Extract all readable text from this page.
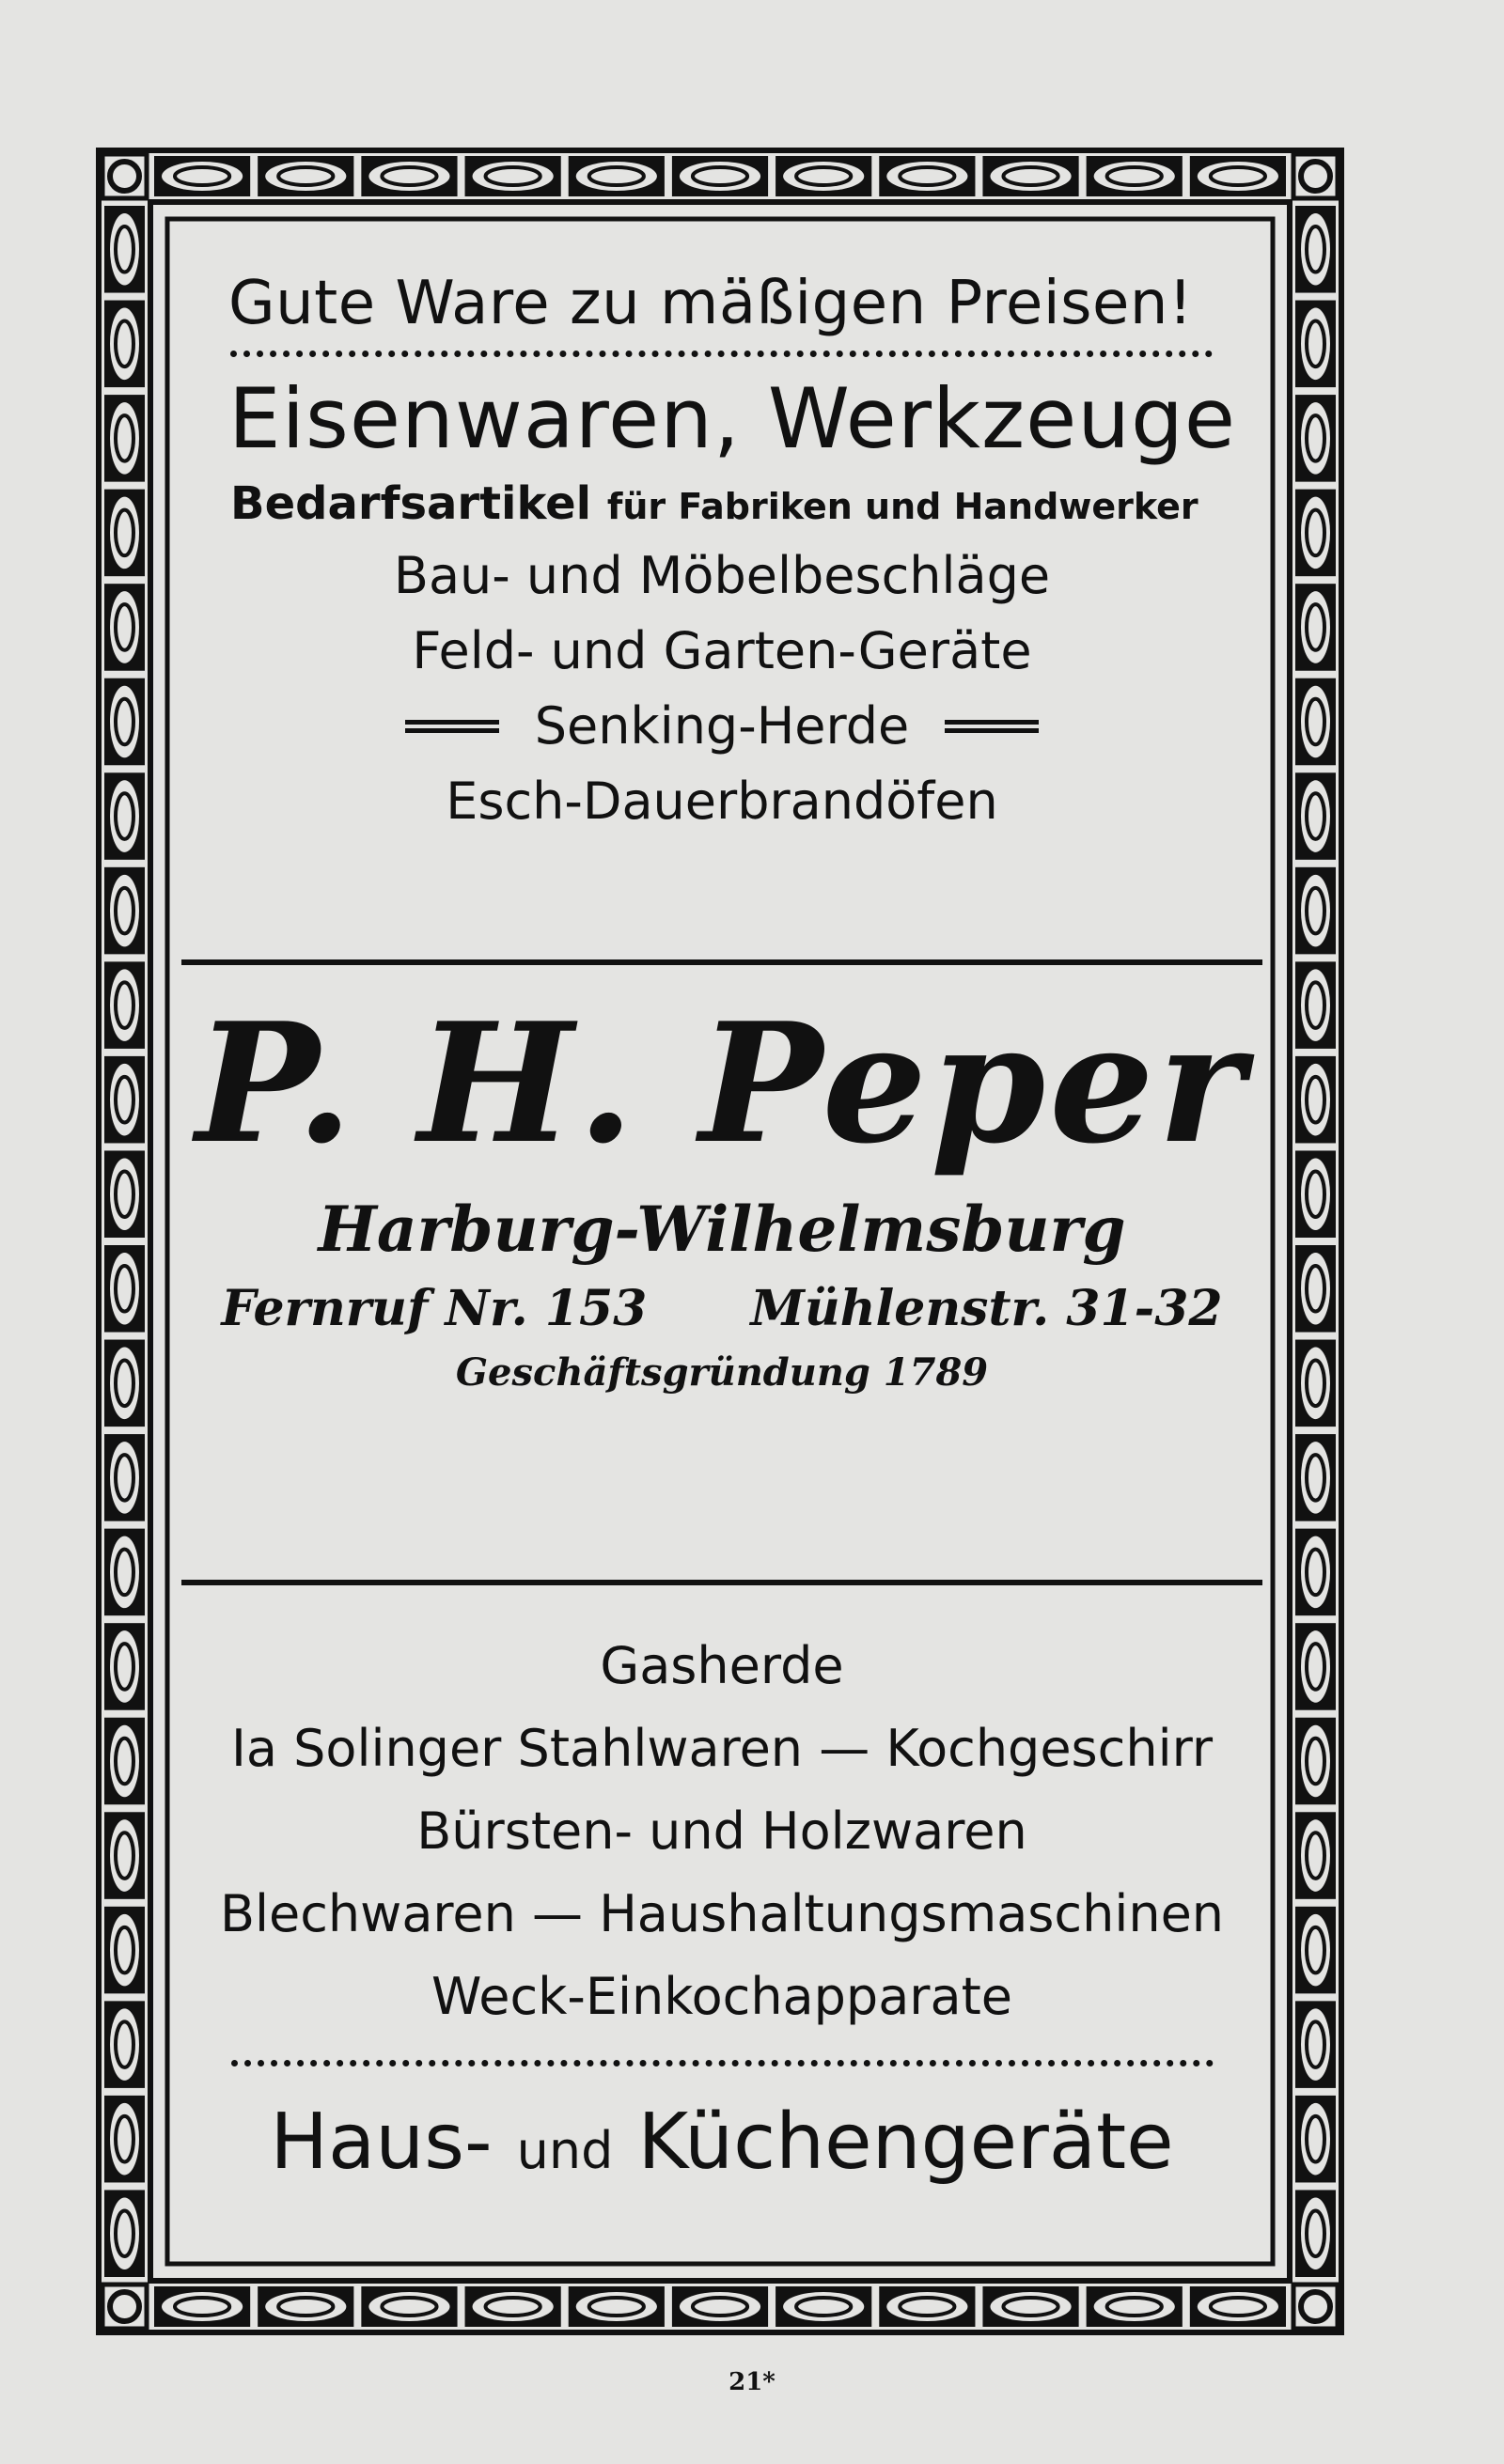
Gute Ware zu mäßigen Preisen!
Eisenwaren, Werkzeuge
Bedarfsartikel für Fabriken und Handwerker
Bau- und Möbelbeschläge
Feld- und Garten-Geräte
Senking-Herde
Esch-Dauerbrandöfen
P. H. Peper
Harburg-Wilhelmsburg
Fernruf Nr. 153 Mühlenstr. 31-32
Geschäftsgründung 1789
Gasherde
Ia Solinger Stahlwaren — Kochgeschirr
Bürsten- und Holzwaren
Blechwaren — Haushaltungsmaschinen
Weck-Einkochapparate
Haus- und Küchengeräte
21*
